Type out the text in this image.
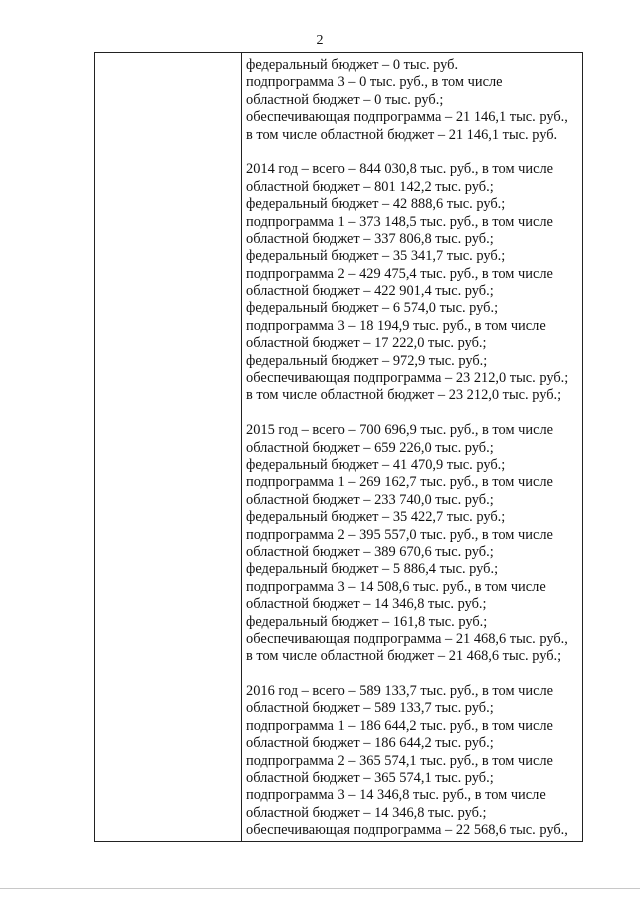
2
федеральный бюджет – 0 тыс. руб.
подпрограмма 3 – 0 тыс. руб., в том числе
областной бюджет – 0 тыс. руб.;
обеспечивающая подпрограмма – 21 146,1 тыс. руб.,
в том числе областной бюджет – 21 146,1 тыс. руб.
2014 год – всего – 844 030,8 тыс. руб., в том числе
областной бюджет – 801 142,2 тыс. руб.;
федеральный бюджет – 42 888,6 тыс. руб.;
подпрограмма 1 – 373 148,5 тыс. руб., в том числе
областной бюджет – 337 806,8 тыс. руб.;
федеральный бюджет – 35 341,7 тыс. руб.;
подпрограмма 2 – 429 475,4 тыс. руб., в том числе
областной бюджет – 422 901,4 тыс. руб.;
федеральный бюджет – 6 574,0 тыс. руб.;
подпрограмма 3 – 18 194,9 тыс. руб., в том числе
областной бюджет – 17 222,0 тыс. руб.;
федеральный бюджет – 972,9 тыс. руб.;
обеспечивающая подпрограмма – 23 212,0 тыс. руб.;
в том числе областной бюджет – 23 212,0 тыс. руб.;
2015 год – всего – 700 696,9 тыс. руб., в том числе
областной бюджет – 659 226,0 тыс. руб.;
федеральный бюджет – 41 470,9 тыс. руб.;
подпрограмма 1 – 269 162,7 тыс. руб., в том числе
областной бюджет – 233 740,0 тыс. руб.;
федеральный бюджет – 35 422,7 тыс. руб.;
подпрограмма 2 – 395 557,0 тыс. руб., в том числе
областной бюджет – 389 670,6 тыс. руб.;
федеральный бюджет – 5 886,4 тыс. руб.;
подпрограмма 3 – 14 508,6 тыс. руб., в том числе
областной бюджет – 14 346,8 тыс. руб.;
федеральный бюджет – 161,8 тыс. руб.;
обеспечивающая подпрограмма – 21 468,6 тыс. руб.,
в том числе областной бюджет – 21 468,6 тыс. руб.;
2016 год – всего – 589 133,7 тыс. руб., в том числе
областной бюджет – 589 133,7 тыс. руб.;
подпрограмма 1 – 186 644,2 тыс. руб., в том числе
областной бюджет – 186 644,2 тыс. руб.;
подпрограмма 2 – 365 574,1 тыс. руб., в том числе
областной бюджет – 365 574,1 тыс. руб.;
подпрограмма 3 – 14 346,8 тыс. руб., в том числе
областной бюджет – 14 346,8 тыс. руб.;
обеспечивающая подпрограмма – 22 568,6 тыс. руб.,
